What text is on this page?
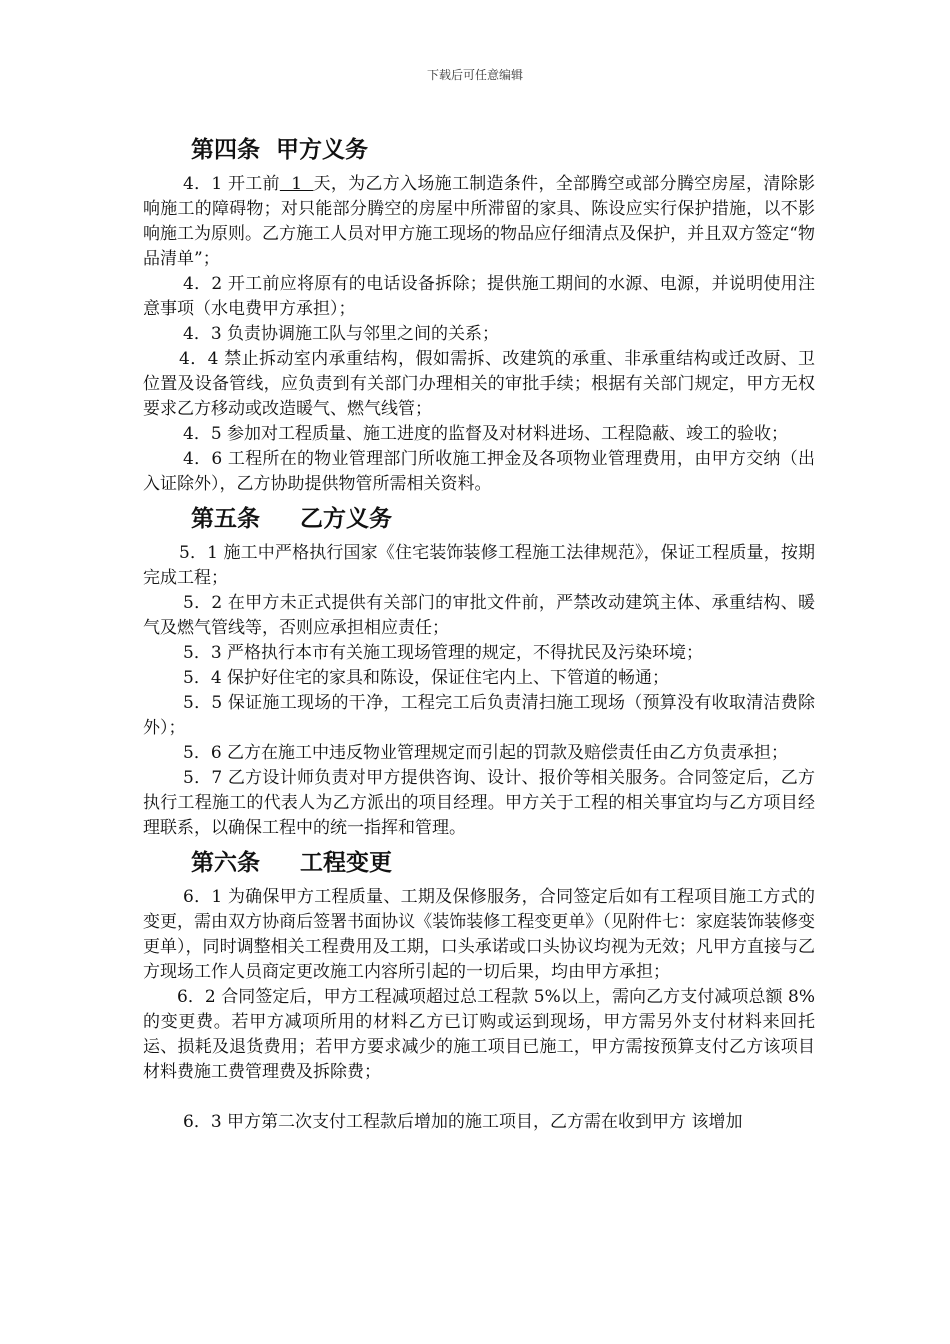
下载后可任意编辑
第四条  甲方义务

4．1 开工前  1  天，为乙方入场施工制造条件，全部腾空或部分腾空房屋，清除影响施工的障碍物；对只能部分腾空的房屋中所滞留的家具、陈设应实行保护措施，以不影响施工为原则。乙方施工人员对甲方施工现场的物品应仔细清点及保护，并且双方签定“物品清单”；

4．2 开工前应将原有的电话设备拆除；提供施工期间的水源、电源，并说明使用注意事项（水电费甲方承担）；

4．3 负责协调施工队与邻里之间的关系；

4．4 禁止拆动室内承重结构，假如需拆、改建筑的承重、非承重结构或迁改厨、卫位置及设备管线，应负责到有关部门办理相关的审批手续；根据有关部门规定，甲方无权要求乙方移动或改造暖气、燃气线管；

4．5 参加对工程质量、施工进度的监督及对材料进场、工程隐蔽、竣工的验收；

4．6 工程所在的物业管理部门所收施工押金及各项物业管理费用，由甲方交纳（出入证除外），乙方协助提供物管所需相关资料。

第五条     乙方义务

5．1 施工中严格执行国家《住宅装饰装修工程施工法律规范》，保证工程质量，按期完成工程；

5．2 在甲方未正式提供有关部门的审批文件前，严禁改动建筑主体、承重结构、暖气及燃气管线等，否则应承担相应责任；

5．3 严格执行本市有关施工现场管理的规定，不得扰民及污染环境；

5．4 保护好住宅的家具和陈设，保证住宅内上、下管道的畅通；

5．5 保证施工现场的干净，工程完工后负责清扫施工现场（预算没有收取清洁费除外）；

5．6 乙方在施工中违反物业管理规定而引起的罚款及赔偿责任由乙方负责承担；

5．7 乙方设计师负责对甲方提供咨询、设计、报价等相关服务。合同签定后，乙方执行工程施工的代表人为乙方派出的项目经理。甲方关于工程的相关事宜均与乙方项目经理联系，以确保工程中的统一指挥和管理。

第六条     工程变更

6．1 为确保甲方工程质量、工期及保修服务，合同签定后如有工程项目施工方式的变更，需由双方协商后签署书面协议《装饰装修工程变更单》（见附件七：家庭装饰装修变更单），同时调整相关工程费用及工期，口头承诺或口头协议均视为无效；凡甲方直接与乙方现场工作人员商定更改施工内容所引起的一切后果，均由甲方承担；

6．2 合同签定后，甲方工程减项超过总工程款 5%以上，需向乙方支付减项总额 8%的变更费。若甲方减项所用的材料乙方已订购或运到现场，甲方需另外支付材料来回托运、损耗及退货费用；若甲方要求减少的施工项目已施工，甲方需按预算支付乙方该项目材料费施工费管理费及拆除费；

6．3 甲方第二次支付工程款后增加的施工项目，乙方需在收到甲方 该增加
